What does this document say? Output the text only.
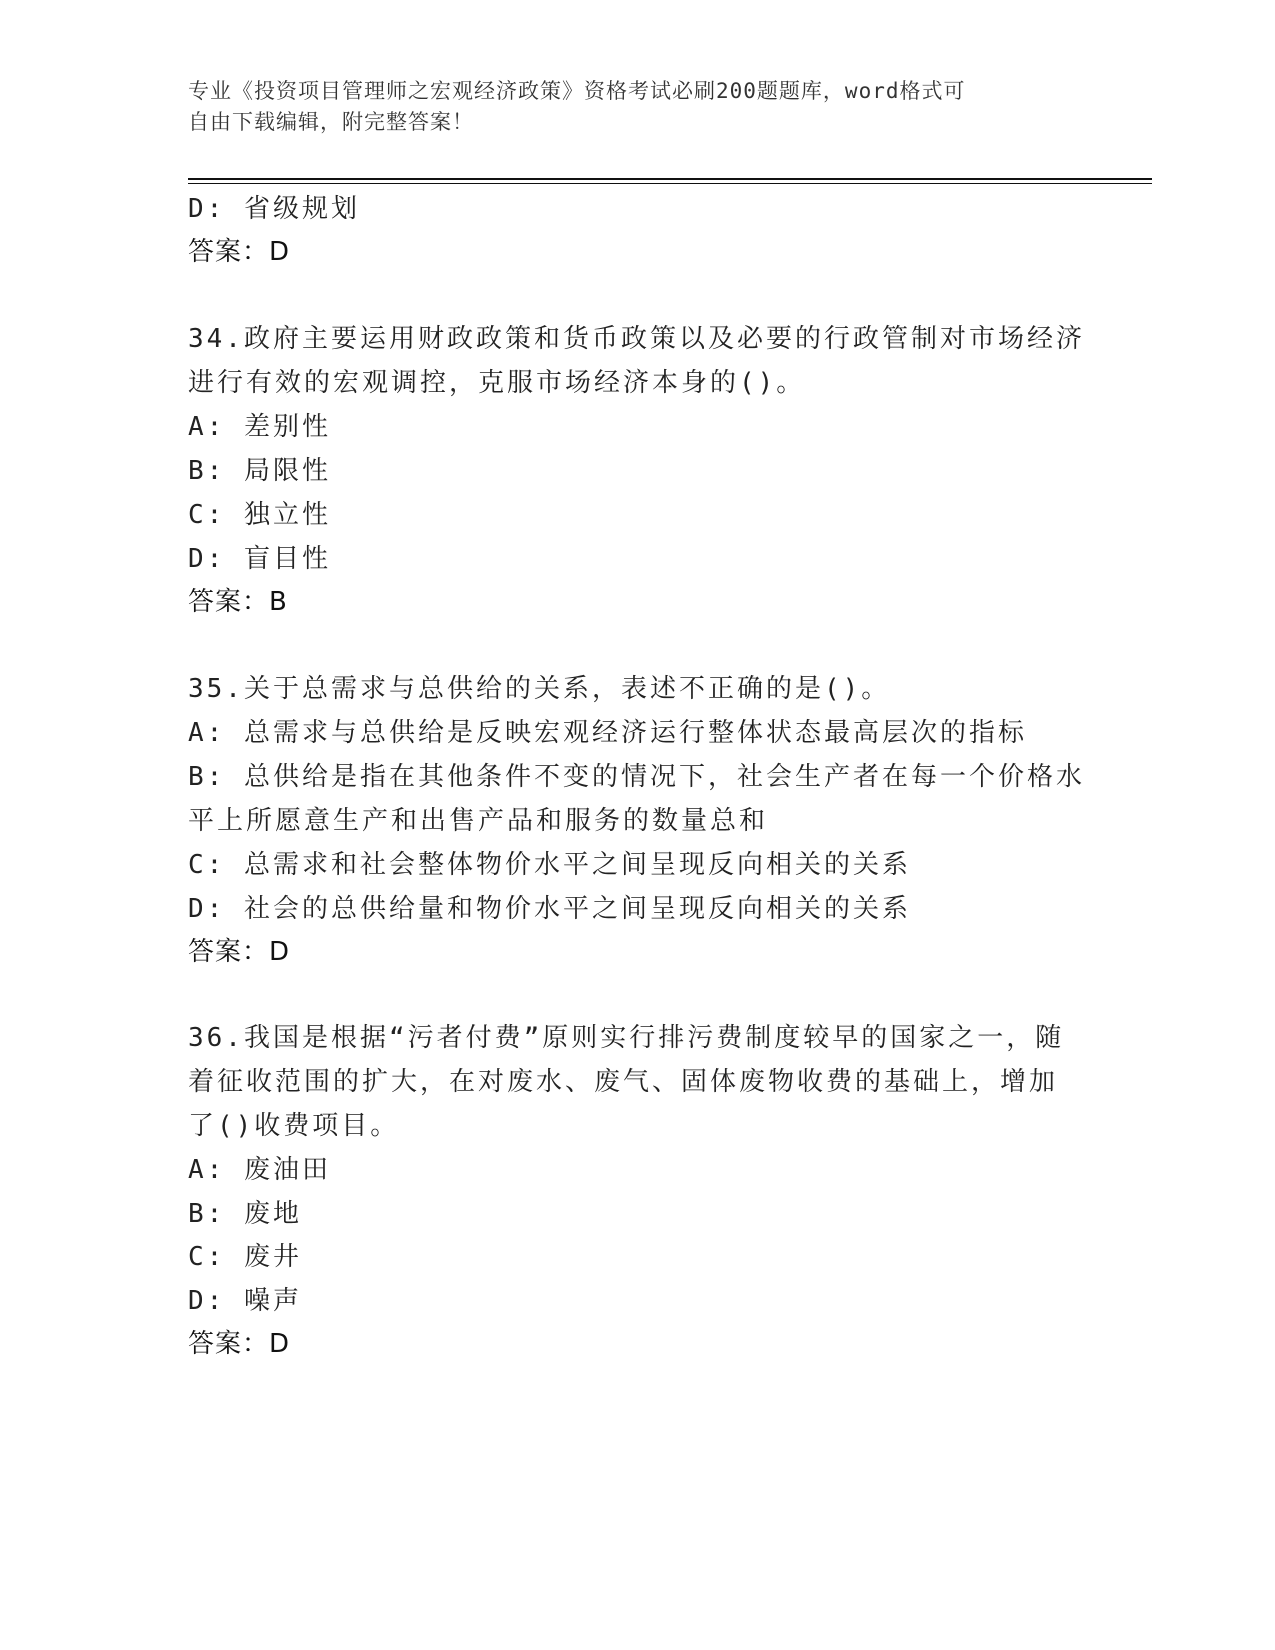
专业《投资项目管理师之宏观经济政策》资格考试必刷200题题库，word格式可
自由下载编辑，附完整答案！
D: 省级规划
答案：D
34.政府主要运用财政政策和货币政策以及必要的行政管制对市场经济
进行有效的宏观调控，克服市场经济本身的()。
A: 差别性
B: 局限性
C: 独立性
D: 盲目性
答案：B
35.关于总需求与总供给的关系，表述不正确的是()。
A: 总需求与总供给是反映宏观经济运行整体状态最高层次的指标
B: 总供给是指在其他条件不变的情况下，社会生产者在每一个价格水
平上所愿意生产和出售产品和服务的数量总和
C: 总需求和社会整体物价水平之间呈现反向相关的关系
D: 社会的总供给量和物价水平之间呈现反向相关的关系
答案：D
36.我国是根据“污者付费”原则实行排污费制度较早的国家之一，随
着征收范围的扩大，在对废水、废气、固体废物收费的基础上，增加
了()收费项目。
A: 废油田
B: 废地
C: 废井
D: 噪声
答案：D
